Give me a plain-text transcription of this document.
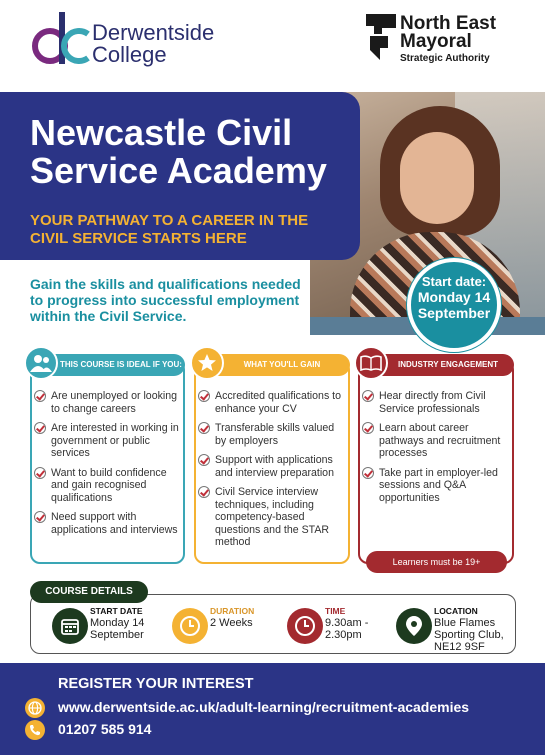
Derwentside
College
North East
Mayoral
Strategic Authority
Newcastle Civil Service Academy
YOUR PATHWAY TO A CAREER IN THE CIVIL SERVICE STARTS HERE
Gain the skills and qualifications needed to progress into successful employment within the Civil Service.
Start date:
Monday 14 September
THIS COURSE IS IDEAL IF YOU:
Are unemployed or looking to change careers
Are interested in working in government or public services
Want to build confidence and gain recognised qualifications
Need support with applications and interviews
WHAT YOU'LL GAIN
Accredited qualifications to enhance your CV
Transferable skills valued by employers
Support with applications and interview preparation
Civil Service interview techniques, including competency-based questions and the STAR method
INDUSTRY ENGAGEMENT
Hear directly from Civil Service professionals
Learn about career pathways and recruitment processes
Take part in employer-led sessions and Q&A opportunities
Learners must be 19+
COURSE DETAILS
START DATE
Monday 14 September
DURATION
2 Weeks
TIME
9.30am - 2.30pm
LOCATION
Blue Flames Sporting Club, NE12 9SF
REGISTER YOUR INTEREST
www.derwentside.ac.uk/adult-learning/recruitment-academies
01207 585 914
